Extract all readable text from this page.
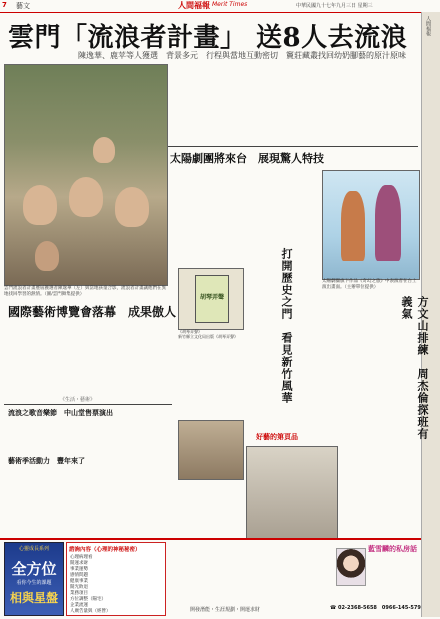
7 藝文	人間福報 Merit Times	中華民國九十七年九月三日 星期三
人間福報
雲門「流浪者計畫」 送8人去流浪
陳逸華、鹿苹等人獲選　背景多元　行程與當地互動密切　竇莊藏叢找回幼奶腳藝的原汁原味
雲門流浪者計畫歷屆獲選者陳逸華（左）與當地孩童合影，流浪者計畫讓他們在異地找回學習的熱情。（圖/雲門舞集提供）
太陽劇團將來台　展現驚人特技
太陽劇團旗下作品《奇幻之旅》中表演者在台上演出畫面。（主辦單位提供）
胡琴弄聲
《胡琴弄聲》
新竹縣立文化局出版《胡琴弄聲》	打開歷史之門　看見新竹風華	方文山排練　周杰倫探班有義氣
國際藝術博覽會落幕　成果傲人
《生活・藝術》
流浪之歌音樂節　中山堂售票演出
藝術季活動力　豐年來了
好藝的第頁品
心靈成長系列
全方位
看你今生的課題
相與星盤
諮詢內容（心理的神秘秘密）
心理病理看
開運求財
事業運勢
感情問題
健康事業
開光敗退
業務項目
方位調整（陽宅）
企業流運
人廣告量與（經營）
藍雪麟的私房話
☎ 02-2368-5658　0966-145-579
開發潛能・生涯規劃・開運求財
